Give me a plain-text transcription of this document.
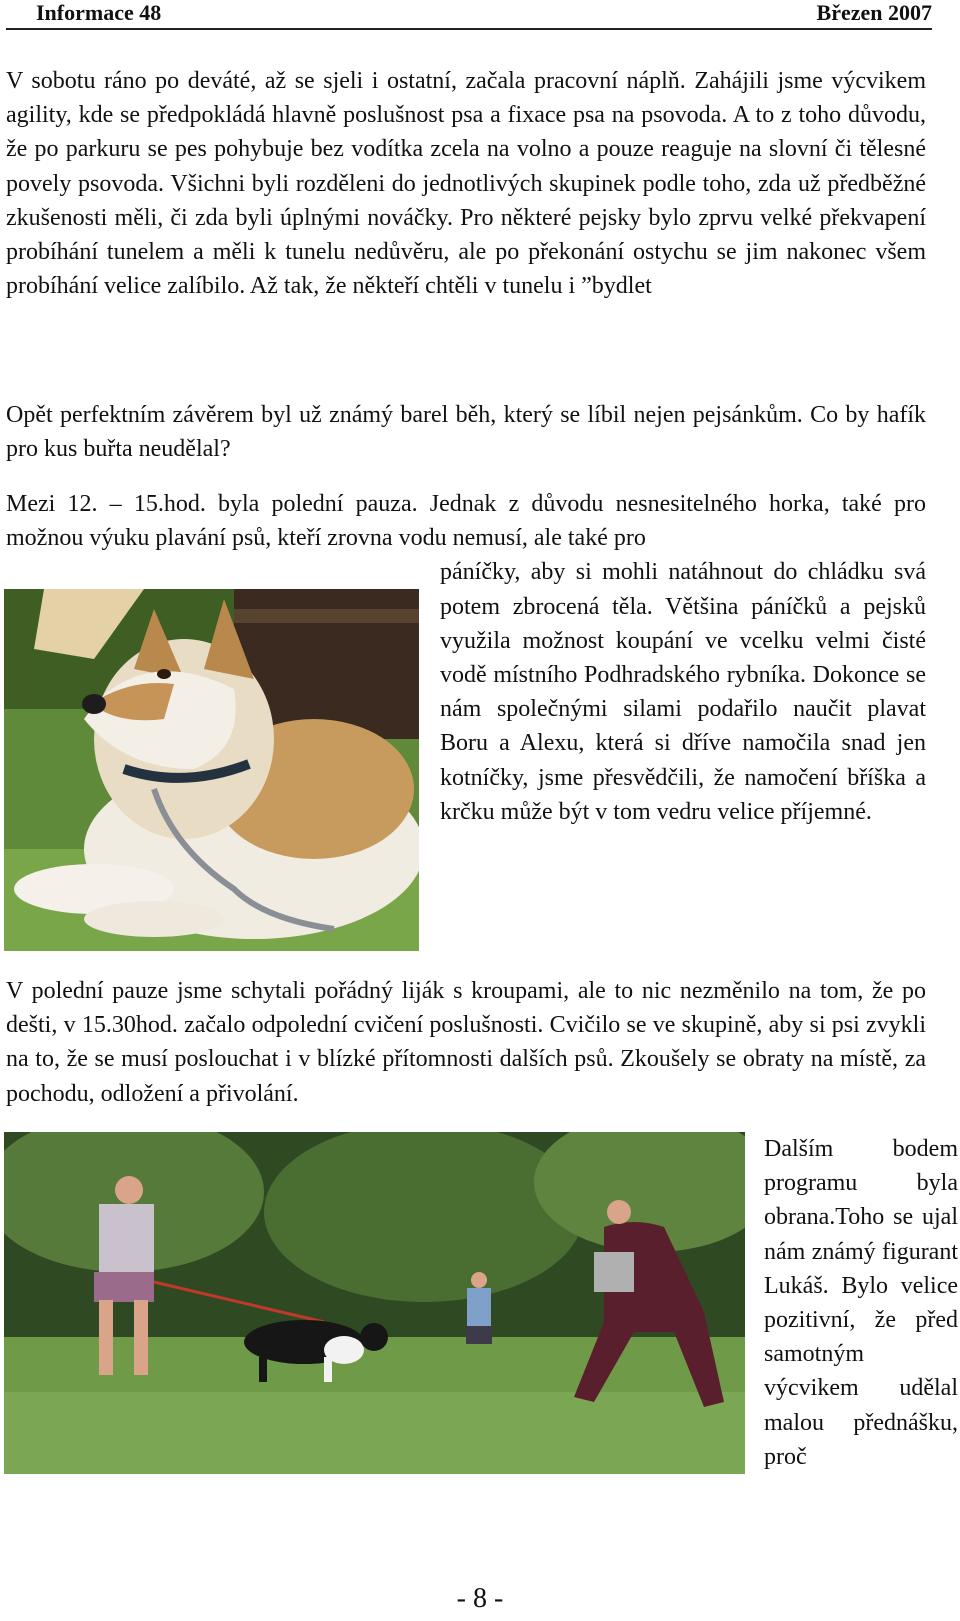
Informace 48	Březen 2007

V sobotu ráno po deváté, až se sjeli i ostatní, začala pracovní náplň. Zahájili jsme výcvikem agility, kde se předpokládá hlavně poslušnost psa a fixace psa na psovoda. A to z toho důvodu, že po parkuru se pes pohybuje bez vodítka zcela na volno a pouze reaguje na slovní či tělesné povely psovoda. Všichni byli rozděleni do jednotlivých skupinek podle toho, zda už předběžné zkušenosti měli, či zda byli úplnými nováčky. Pro některé pejsky bylo zprvu velké překvapení probíhání tunelem a měli k tunelu nedůvěru, ale po překonání ostychu se jim nakonec všem probíhání velice zalíbilo. Až tak, že někteří chtěli v tunelu i ”bydlet

Opět perfektním závěrem byl už známý barel běh, který se líbil nejen pejsánkům. Co by hafík pro kus buřta neudělal?

Mezi 12. – 15.hod. byla polední pauza. Jednak z důvodu nesnesitelného horka, také pro možnou výuku plavání psů, kteří zrovna vodu nemusí, ale také pro

páníčky, aby si mohli natáhnout do chládku svá potem zbrocená těla. Většina páníčků a pejsků využila možnost koupání ve vcelku velmi čisté vodě místního Podhradského rybníka. Dokonce se nám společnými silami podařilo naučit plavat Boru a Alexu, která si dříve namočila snad jen kotníčky, jsme přesvědčili, že namočení bříška a krčku může být v tom vedru velice příjemné.

V polední pauze jsme schytali pořádný liják s kroupami, ale to nic nezměnilo na tom, že po dešti, v 15.30hod. začalo odpolední cvičení poslušnosti. Cvičilo se ve skupině, aby si psi zvykli na to, že se musí poslouchat i v blízké přítomnosti dalších psů. Zkoušely se obraty na místě, za pochodu, odložení a přivolání.

Dalším bodem programu byla obrana.Toho se ujal nám známý figurant Lukáš. Bylo velice pozitivní, že před samotným výcvikem udělal malou přednášku, proč
- 8 -
